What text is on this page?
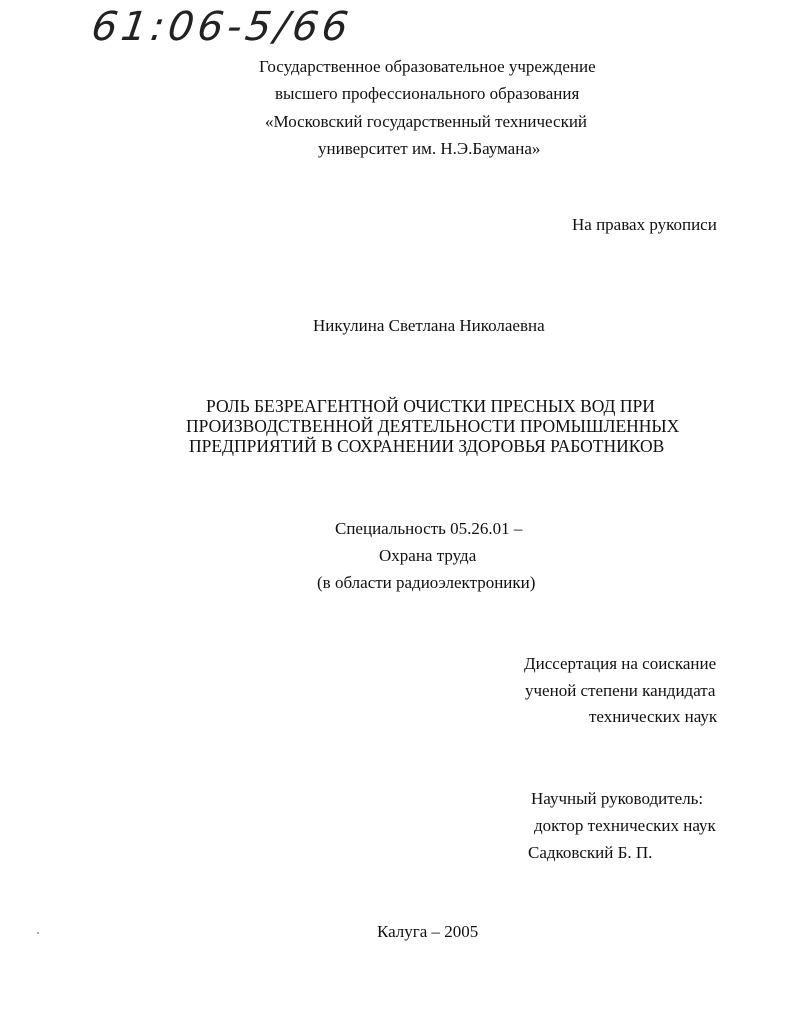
61:06-5/66
Государственное образовательное учреждение
высшего профессионального образования
«Московский государственный технический
университет им. Н.Э.Баумана»
На правах рукописи
Никулина Светлана Николаевна
РОЛЬ БЕЗРЕАГЕНТНОЙ ОЧИСТКИ ПРЕСНЫХ ВОД ПРИ
ПРОИЗВОДСТВЕННОЙ ДЕЯТЕЛЬНОСТИ ПРОМЫШЛЕННЫХ
ПРЕДПРИЯТИЙ В СОХРАНЕНИИ ЗДОРОВЬЯ РАБОТНИКОВ
Специальность 05.26.01 –
Охрана труда
(в области радиоэлектроники)
Диссертация на соискание
ученой степени кандидата
технических наук
Научный руководитель:
доктор технических наук
Садковский Б. П.
Калуга – 2005
